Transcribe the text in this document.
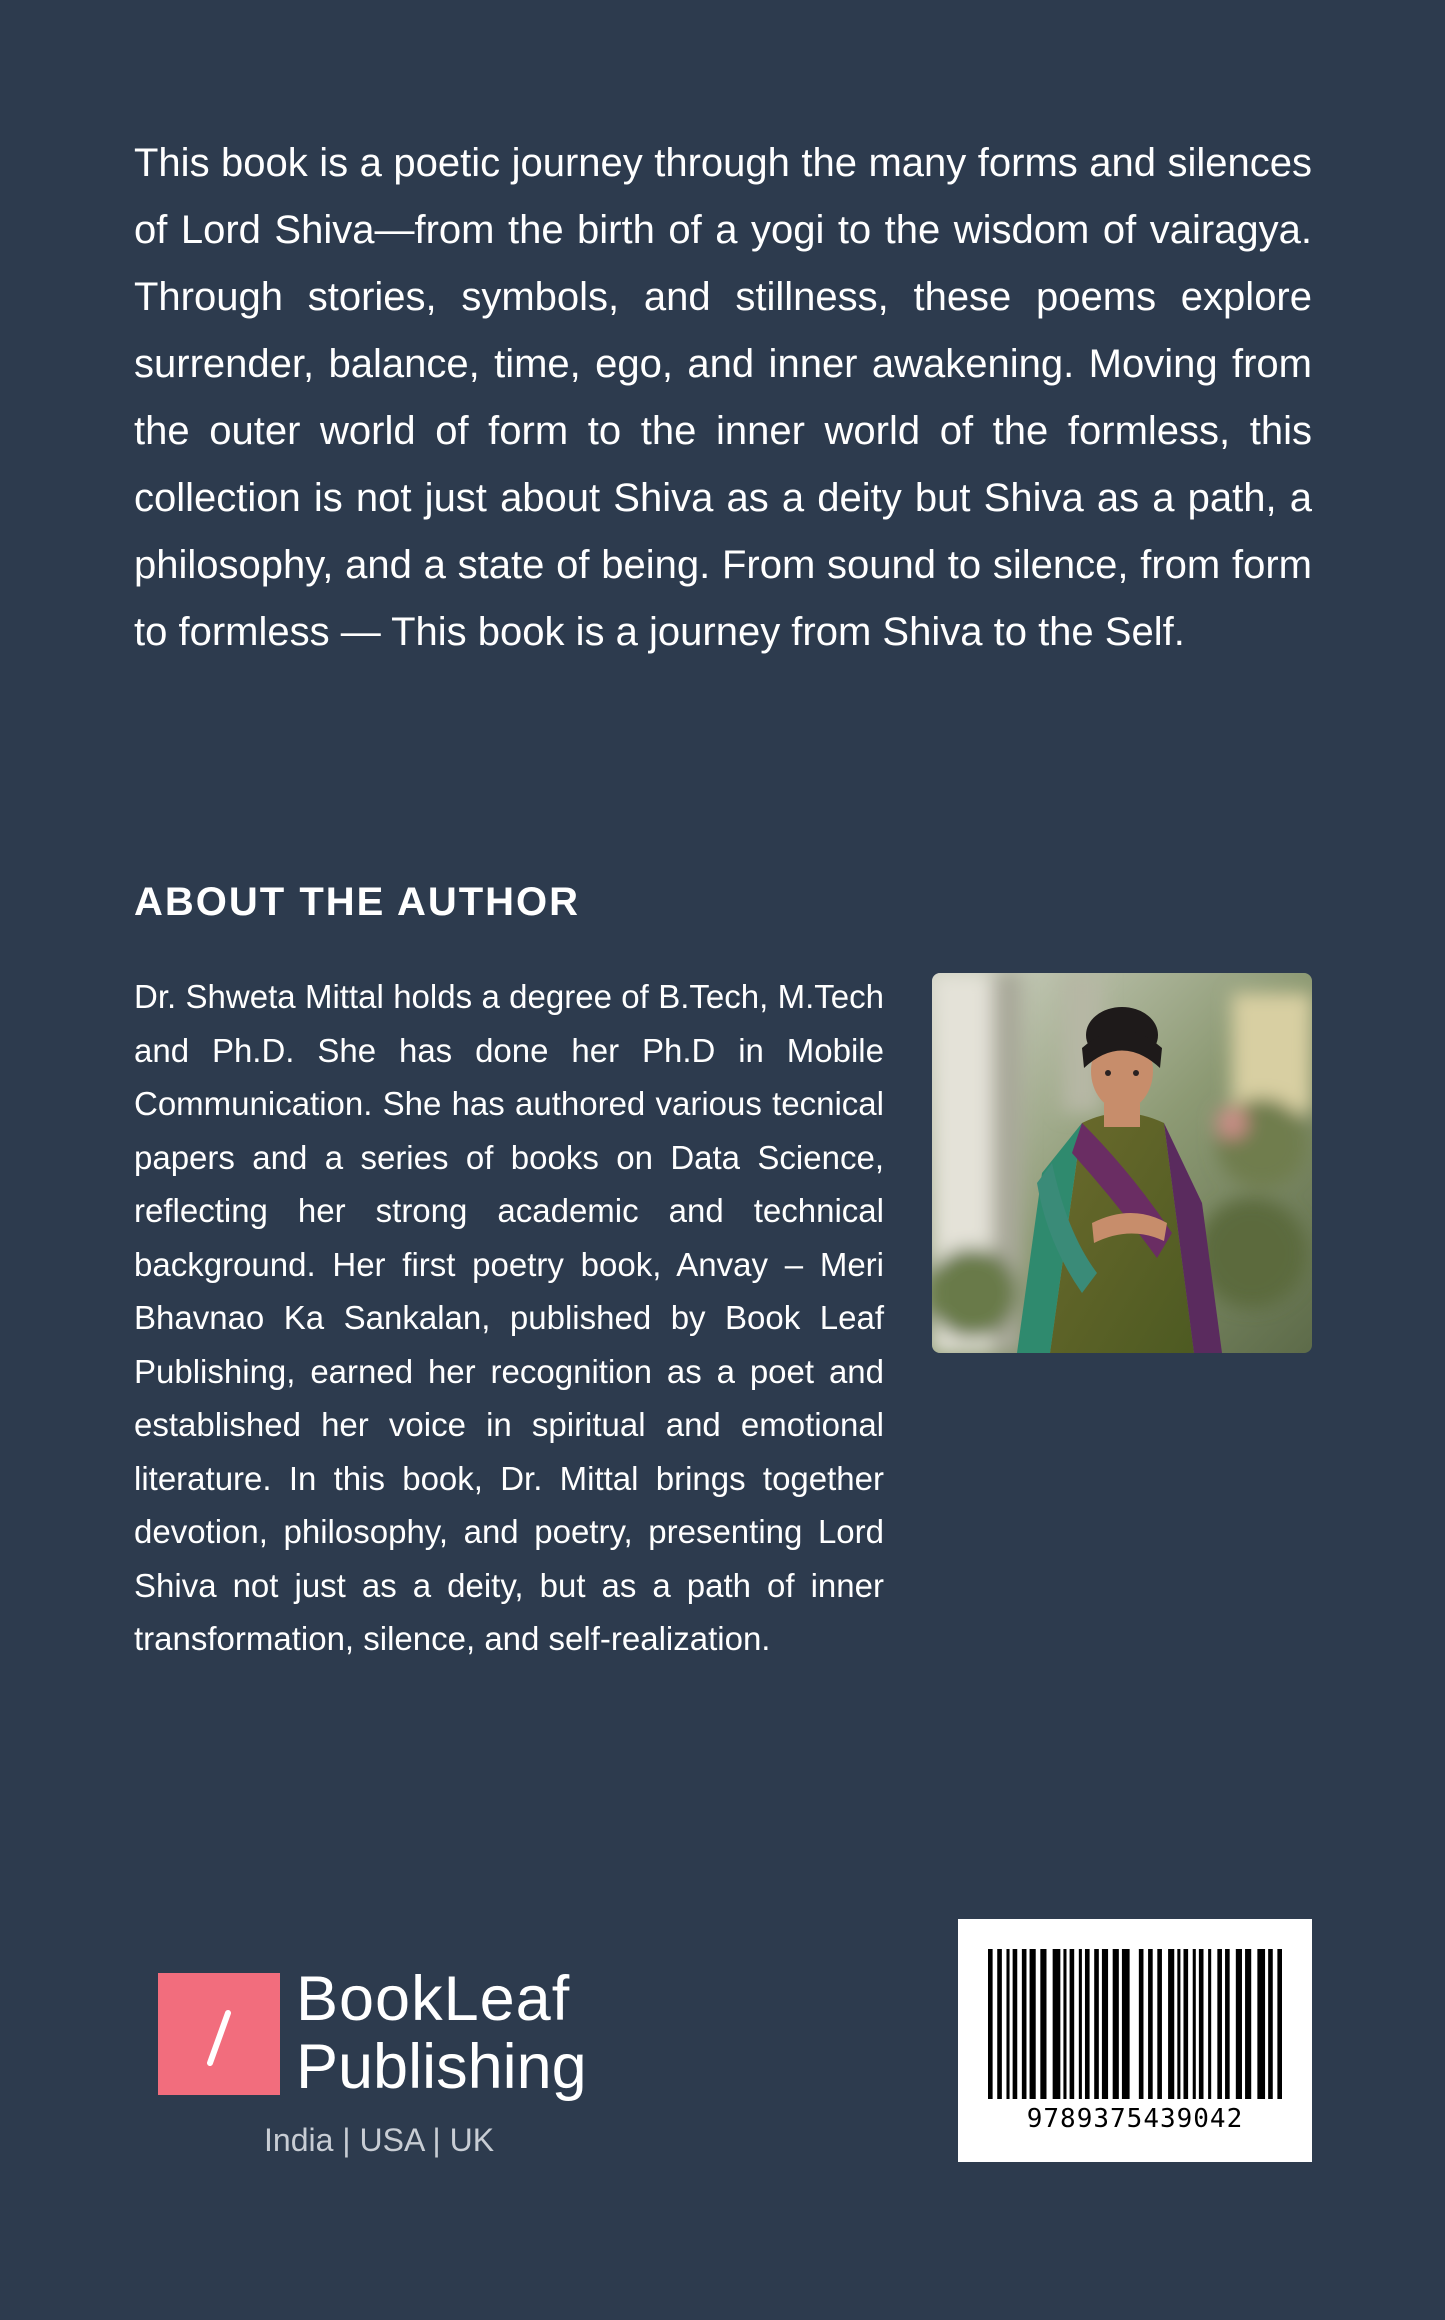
This book is a poetic journey through the many forms and silences of Lord Shiva—from the birth of a yogi to the wisdom of vairagya. Through stories, symbols, and stillness, these poems explore surrender, balance, time, ego, and inner awakening. Moving from the outer world of form to the inner world of the formless, this collection is not just about Shiva as a deity but Shiva as a path, a philosophy, and a state of being. From sound to silence, from form to formless — This book is a journey from Shiva to the Self.

ABOUT THE AUTHOR

Dr. Shweta Mittal holds a degree of B.Tech, M.Tech and Ph.D. She has done her Ph.D in Mobile Communication. She has authored various tecnical papers and a series of books on Data Science, reflecting her strong academic and technical background. Her first poetry book, Anvay – Meri Bhavnao Ka Sankalan, published by Book Leaf Publishing, earned her recognition as a poet and established her voice in spiritual and emotional literature. In this book, Dr. Mittal brings together devotion, philosophy, and poetry, presenting Lord Shiva not just as a deity, but as a path of inner transformation, silence, and self-realization.

BookLeaf
Publishing
India | USA | UK
9789375439042
